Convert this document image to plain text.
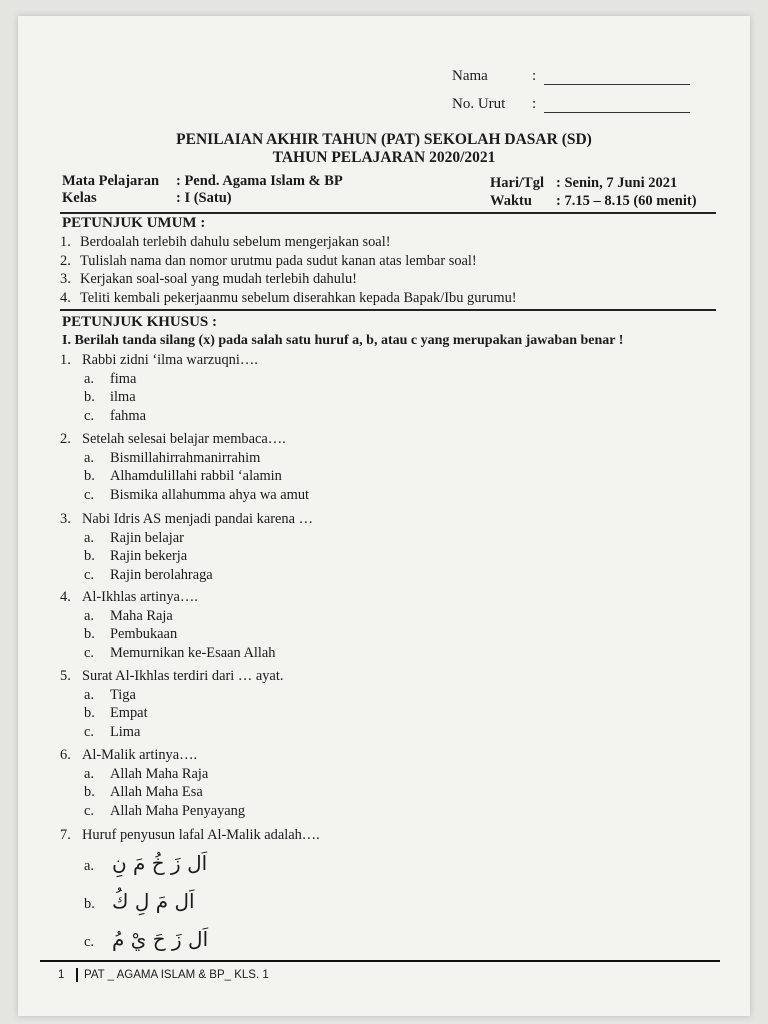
Nama	:
No. Urut :
PENILAIAN AKHIR TAHUN (PAT) SEKOLAH DASAR (SD)
TAHUN PELAJARAN 2020/2021
Mata Pelajaran : Pend. Agama Islam & BP
Kelas	: I (Satu)
Hari/Tgl : Senin, 7 Juni 2021
Waktu : 7.15 – 8.15 (60 menit)
PETUNJUK UMUM :
1. Berdoalah terlebih dahulu sebelum mengerjakan soal!
2. Tulislah nama dan nomor urutmu pada sudut kanan atas lembar soal!
3. Kerjakan soal-soal yang mudah terlebih dahulu!
4. Teliti kembali pekerjaanmu sebelum diserahkan kepada Bapak/Ibu gurumu!
PETUNJUK KHUSUS :
I. Berilah tanda silang (x) pada salah satu huruf a, b, atau c yang merupakan jawaban benar !
1. Rabbi zidni ‘ilma warzuqni….
a. fima
b. ilma
c. fahma
2. Setelah selesai belajar membaca….
a. Bismillahirrahmanirrahim
b. Alhamdulillahi rabbil ‘alamin
c. Bismika allahumma ahya wa amut
3. Nabi Idris AS menjadi pandai karena …
a. Rajin belajar
b. Rajin bekerja
c. Rajin berolahraga
4. Al-Ikhlas artinya….
a. Maha Raja
b. Pembukaan
c. Memurnikan ke-Esaan Allah
5. Surat Al-Ikhlas terdiri dari … ayat.
a. Tiga
b. Empat
c. Lima
6. Al-Malik artinya….
a. Allah Maha Raja
b. Allah Maha Esa
c. Allah Maha Penyayang
7. Huruf penyusun lafal Al-Malik adalah….
a. اَل زَ خُ مَ نِ
b. اَل مَ لِ كُ
c. اَل زَ حَ يْ مُ
1 PAT _ AGAMA ISLAM & BP_ KLS. 1
